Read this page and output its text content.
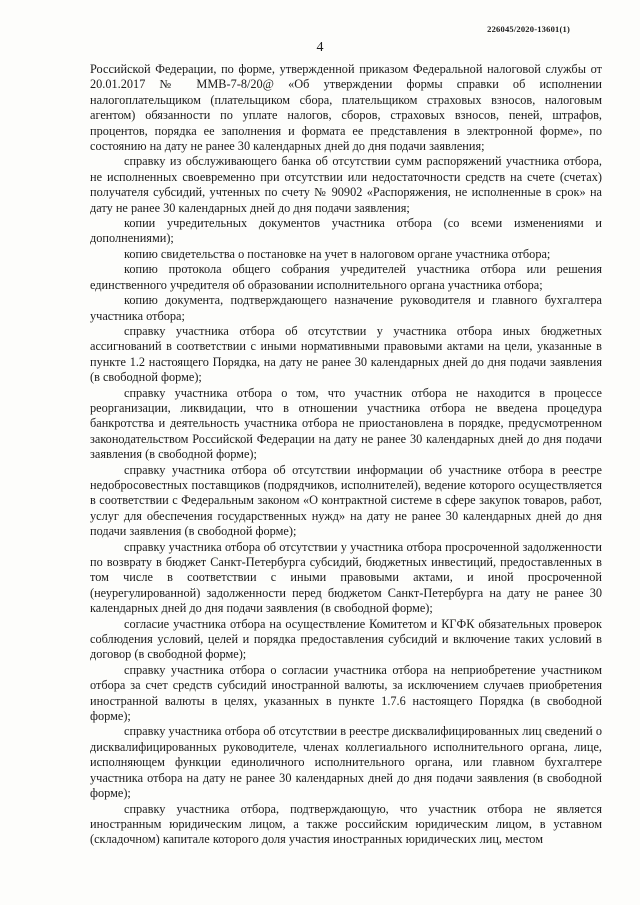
226045/2020-13601(1)
4

Российской Федерации, по форме, утвержденной приказом Федеральной налоговой службы от 20.01.2017 № ММВ-7-8/20@ «Об утверждении формы справки об исполнении налогоплательщиком (плательщиком сбора, плательщиком страховых взносов, налоговым агентом) обязанности по уплате налогов, сборов, страховых взносов, пеней, штрафов, процентов, порядка ее заполнения и формата ее представления в электронной форме», по состоянию на дату не ранее 30 календарных дней до дня подачи заявления;

справку из обслуживающего банка об отсутствии сумм распоряжений участника отбора, не исполненных своевременно при отсутствии или недостаточности средств на счете (счетах) получателя субсидий, учтенных по счету № 90902 «Распоряжения, не исполненные в срок» на дату не ранее 30 календарных дней до дня подачи заявления;

копии учредительных документов участника отбора (со всеми изменениями и дополнениями);

копию свидетельства о постановке на учет в налоговом органе участника отбора;

копию протокола общего собрания учредителей участника отбора или решения единственного учредителя об образовании исполнительного органа участника отбора;

копию документа, подтверждающего назначение руководителя и главного бухгалтера участника отбора;

справку участника отбора об отсутствии у участника отбора иных бюджетных ассигнований в соответствии с иными нормативными правовыми актами на цели, указанные в пункте 1.2 настоящего Порядка, на дату не ранее 30 календарных дней до дня подачи заявления (в свободной форме);

справку участника отбора о том, что участник отбора не находится в процессе реорганизации, ликвидации, что в отношении участника отбора не введена процедура банкротства и деятельность участника отбора не приостановлена в порядке, предусмотренном законодательством Российской Федерации на дату не ранее 30 календарных дней до дня подачи заявления (в свободной форме);

справку участника отбора об отсутствии информации об участнике отбора в реестре недобросовестных поставщиков (подрядчиков, исполнителей), ведение которого осуществляется в соответствии с Федеральным законом «О контрактной системе в сфере закупок товаров, работ, услуг для обеспечения государственных нужд» на дату не ранее 30 календарных дней до дня подачи заявления (в свободной форме);

справку участника отбора об отсутствии у участника отбора просроченной задолженности по возврату в бюджет Санкт-Петербурга субсидий, бюджетных инвестиций, предоставленных в том числе в соответствии с иными правовыми актами, и иной просроченной (неурегулированной) задолженности перед бюджетом Санкт-Петербурга на дату не ранее 30 календарных дней до дня подачи заявления (в свободной форме);

согласие участника отбора на осуществление Комитетом и КГФК обязательных проверок соблюдения условий, целей и порядка предоставления субсидий и включение таких условий в договор (в свободной форме);

справку участника отбора о согласии участника отбора на неприобретение участником отбора за счет средств субсидий иностранной валюты, за исключением случаев приобретения иностранной валюты в целях, указанных в пункте 1.7.6 настоящего Порядка (в свободной форме);

справку участника отбора об отсутствии в реестре дисквалифицированных лиц сведений о дисквалифицированных руководителе, членах коллегиального исполнительного органа, лице, исполняющем функции единоличного исполнительного органа, или главном бухгалтере участника отбора на дату не ранее 30 календарных дней до дня подачи заявления (в свободной форме);

справку участника отбора, подтверждающую, что участник отбора не является иностранным юридическим лицом, а также российским юридическим лицом, в уставном (складочном) капитале которого доля участия иностранных юридических лиц, местом
